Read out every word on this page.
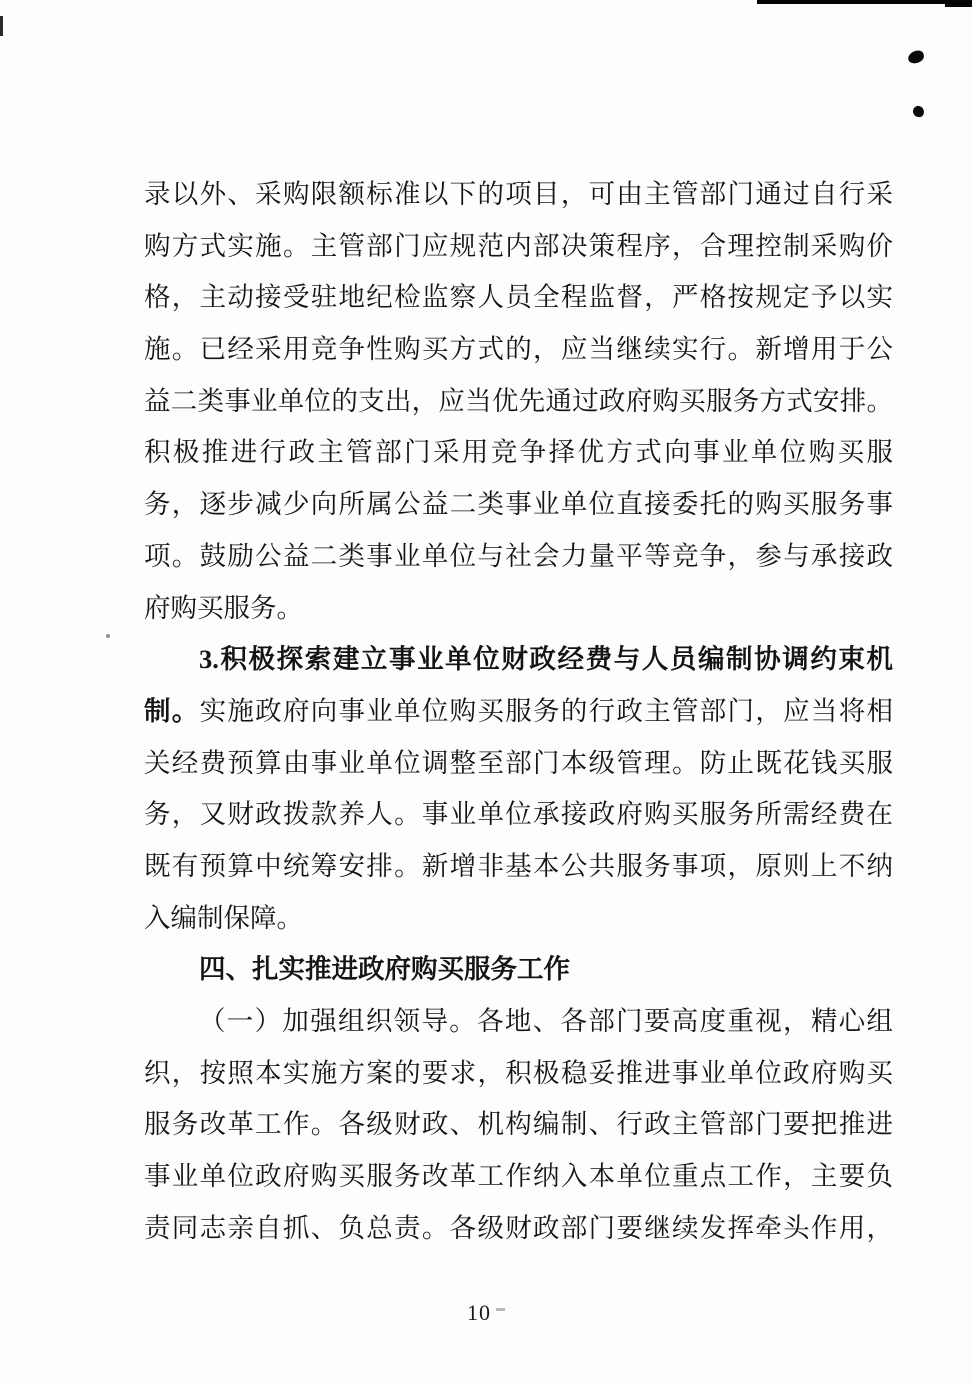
录以外、采购限额标准以下的项目，可由主管部门通过自行采
购方式实施。主管部门应规范内部决策程序，合理控制采购价
格，主动接受驻地纪检监察人员全程监督，严格按规定予以实
施。已经采用竞争性购买方式的，应当继续实行。新增用于公
益二类事业单位的支出，应当优先通过政府购买服务方式安排。
积极推进行政主管部门采用竞争择优方式向事业单位购买服
务，逐步减少向所属公益二类事业单位直接委托的购买服务事
项。鼓励公益二类事业单位与社会力量平等竞争，参与承接政
府购买服务。
3.积极探索建立事业单位财政经费与人员编制协调约束机
制。实施政府向事业单位购买服务的行政主管部门，应当将相
关经费预算由事业单位调整至部门本级管理。防止既花钱买服
务，又财政拨款养人。事业单位承接政府购买服务所需经费在
既有预算中统筹安排。新增非基本公共服务事项，原则上不纳
入编制保障。
四、扎实推进政府购买服务工作
（一）加强组织领导。各地、各部门要高度重视，精心组
织，按照本实施方案的要求，积极稳妥推进事业单位政府购买
服务改革工作。各级财政、机构编制、行政主管部门要把推进
事业单位政府购买服务改革工作纳入本单位重点工作，主要负
责同志亲自抓、负总责。各级财政部门要继续发挥牵头作用，
10
